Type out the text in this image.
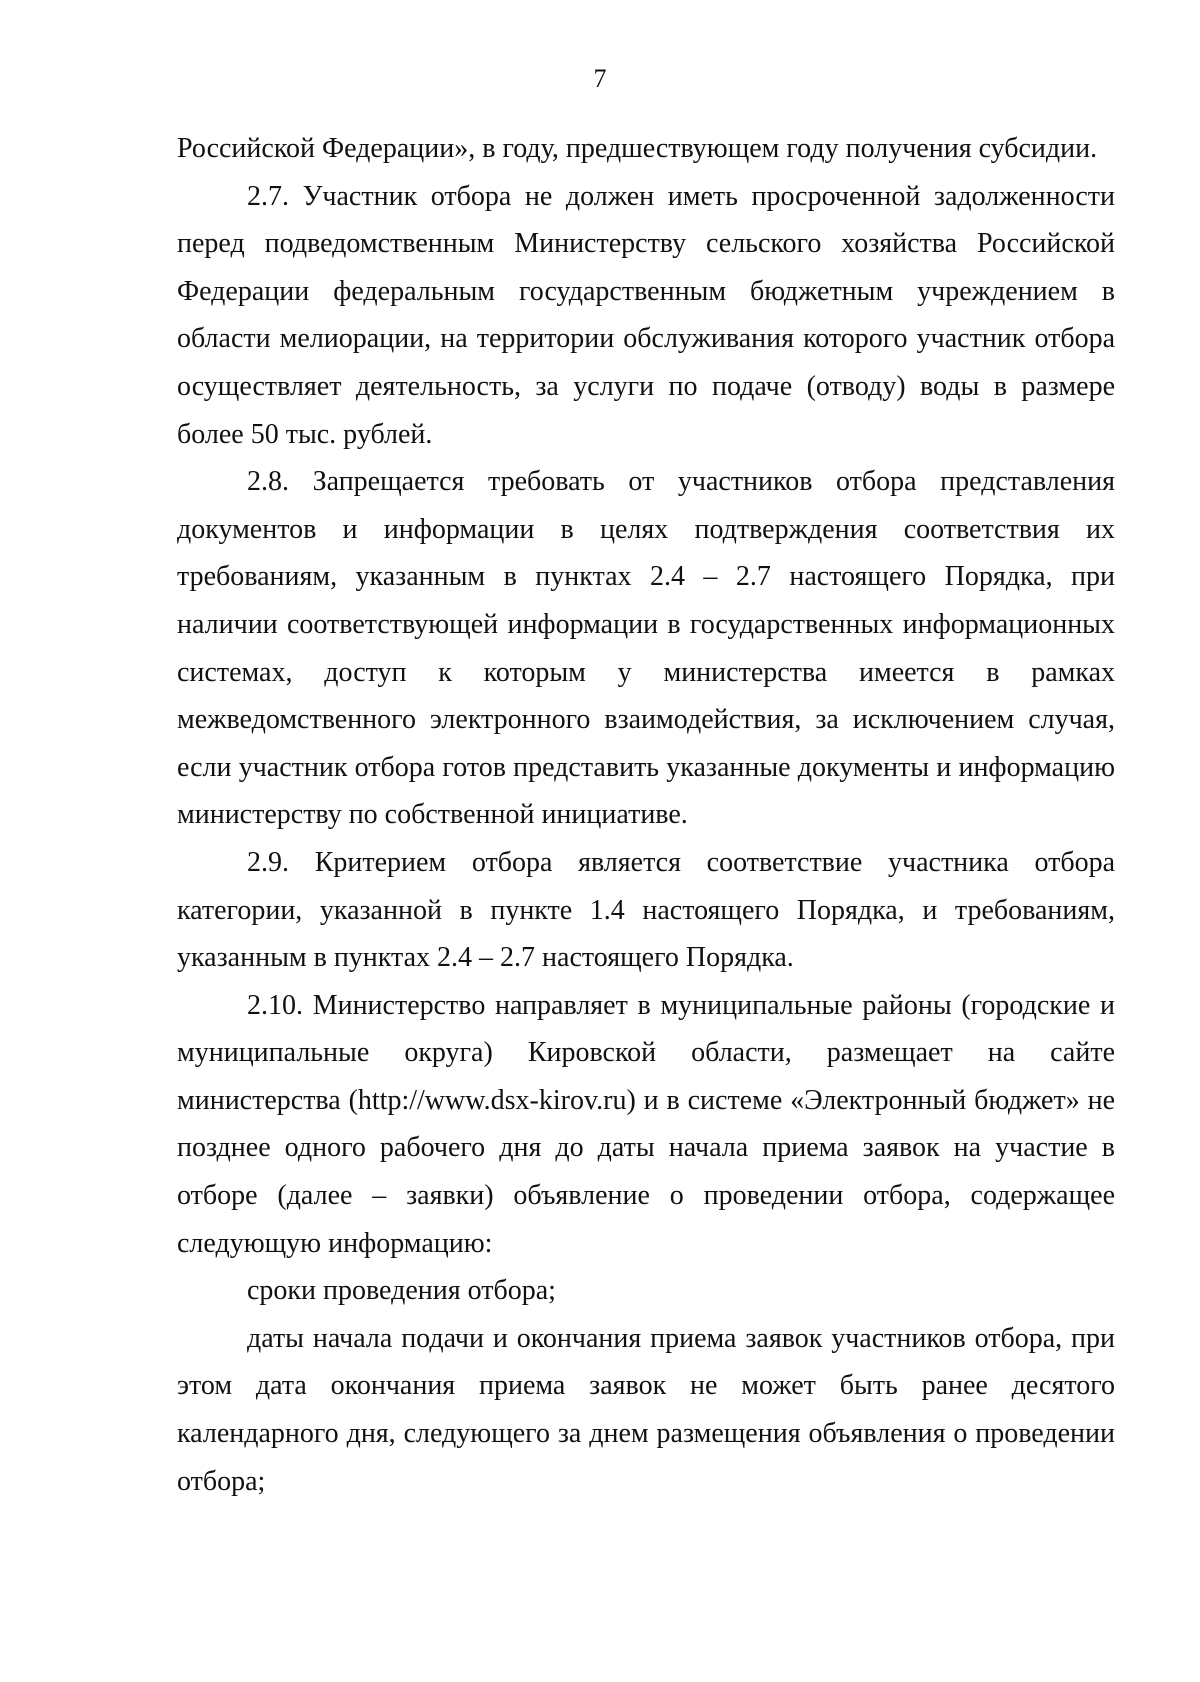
7

Российской Федерации», в году, предшествующем году получения субсидии.

2.7. Участник отбора не должен иметь просроченной задолженности перед подведомственным Министерству сельского хозяйства Российской Федерации федеральным государственным бюджетным учреждением в области мелиорации, на территории обслуживания которого участник отбора осуществляет деятельность, за услуги по подаче (отводу) воды в размере более 50 тыс. рублей.

2.8. Запрещается требовать от участников отбора представления документов и информации в целях подтверждения соответствия их требованиям, указанным в пунктах 2.4 – 2.7 настоящего Порядка, при наличии соответствующей информации в государственных информационных системах, доступ к которым у министерства имеется в рамках межведомственного электронного взаимодействия, за исключением случая, если участник отбора готов представить указанные документы и информацию министерству по собственной инициативе.

2.9. Критерием отбора является соответствие участника отбора категории, указанной в пункте 1.4 настоящего Порядка, и требованиям, указанным в пунктах 2.4 – 2.7 настоящего Порядка.

2.10. Министерство направляет в муниципальные районы (городские и муниципальные округа) Кировской области, размещает на сайте министерства (http://www.dsx-kirov.ru) и в системе «Электронный бюджет» не позднее одного рабочего дня до даты начала приема заявок на участие в отборе (далее – заявки) объявление о проведении отбора, содержащее следующую информацию:

сроки проведения отбора;

даты начала подачи и окончания приема заявок участников отбора, при этом дата окончания приема заявок не может быть ранее десятого календарного дня, следующего за днем размещения объявления о проведении отбора;
